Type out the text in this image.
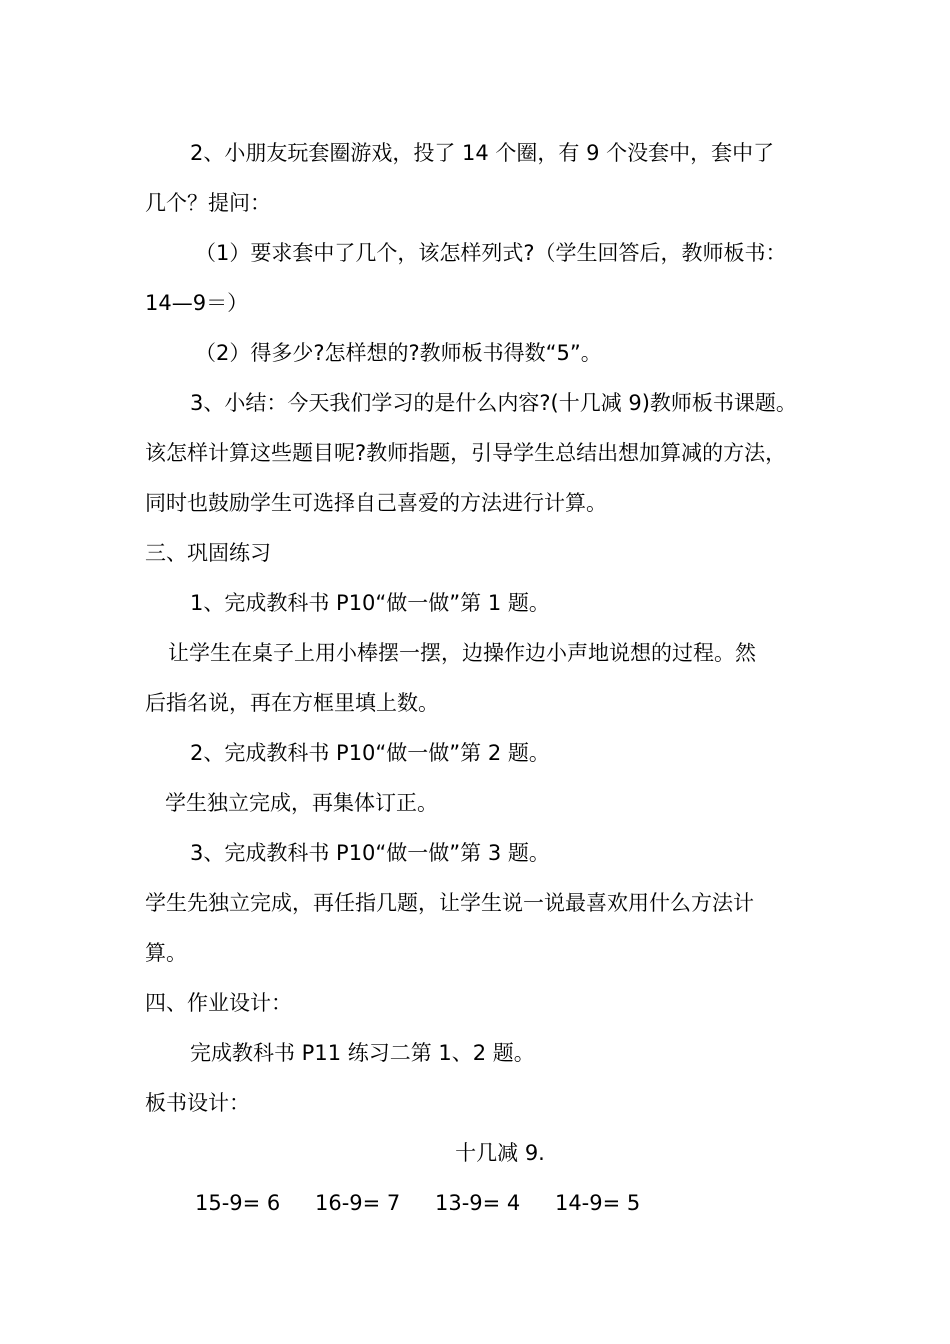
2、小朋友玩套圈游戏，投了 14 个圈，有 9 个没套中，套中了
几个？提问：
（1）要求套中了几个，该怎样列式?（学生回答后，教师板书：
14—9＝）
（2）得多少?怎样想的?教师板书得数“5”。
3、小结：今天我们学习的是什么内容?(十几减 9)教师板书课题。
该怎样计算这些题目呢?教师指题，引导学生总结出想加算减的方法，
同时也鼓励学生可选择自己喜爱的方法进行计算。
三、巩固练习
1、完成教科书 P10“做一做”第 1 题。
让学生在桌子上用小棒摆一摆，边操作边小声地说想的过程。然
后指名说，再在方框里填上数。
2、完成教科书 P10“做一做”第 2 题。
学生独立完成，再集体订正。
3、完成教科书 P10“做一做”第 3 题。
学生先独立完成，再任指几题，让学生说一说最喜欢用什么方法计
算。
四、作业设计：
完成教科书 P11 练习二第 1、2 题。
板书设计：
十几减 9.
15-9= 6 16-9= 7 13-9= 4 14-9= 5
